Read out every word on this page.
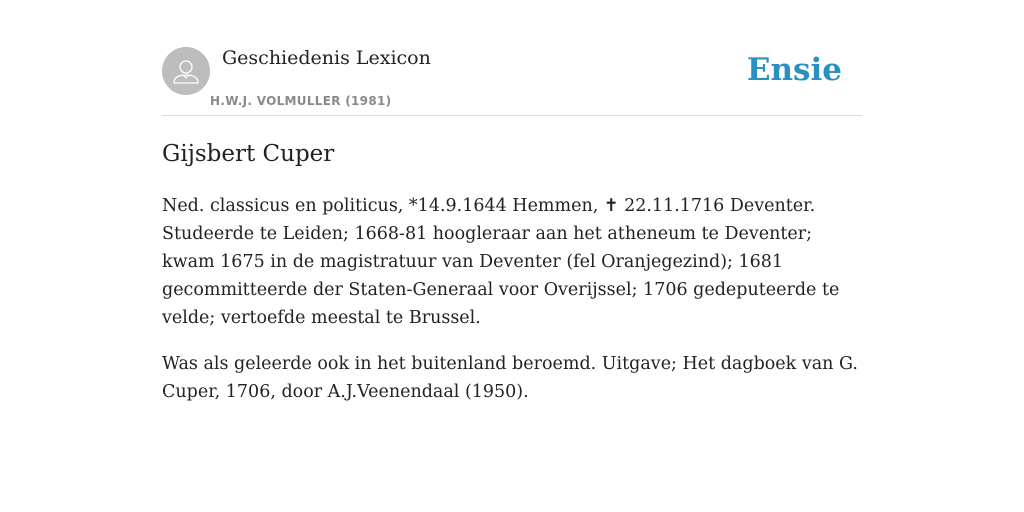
Geschiedenis Lexicon
H.W.J. VOLMULLER (1981)
Ensie
Gijsbert Cuper

Ned. classicus en politicus, *14.9.1644 Hemmen, ✝ 22.11.1716 Deventer. Studeerde te Leiden; 1668-81 hoogleraar aan het atheneum te Deventer; kwam 1675 in de magistratuur van Deventer (fel Oranjegezind); 1681 gecommitteerde der Staten-Generaal voor Overijssel; 1706 gedeputeerde te velde; vertoefde meestal te Brussel.

Was als geleerde ook in het buitenland beroemd. Uitgave; Het dagboek van G. Cuper, 1706, door A.J.Veenendaal (1950).
